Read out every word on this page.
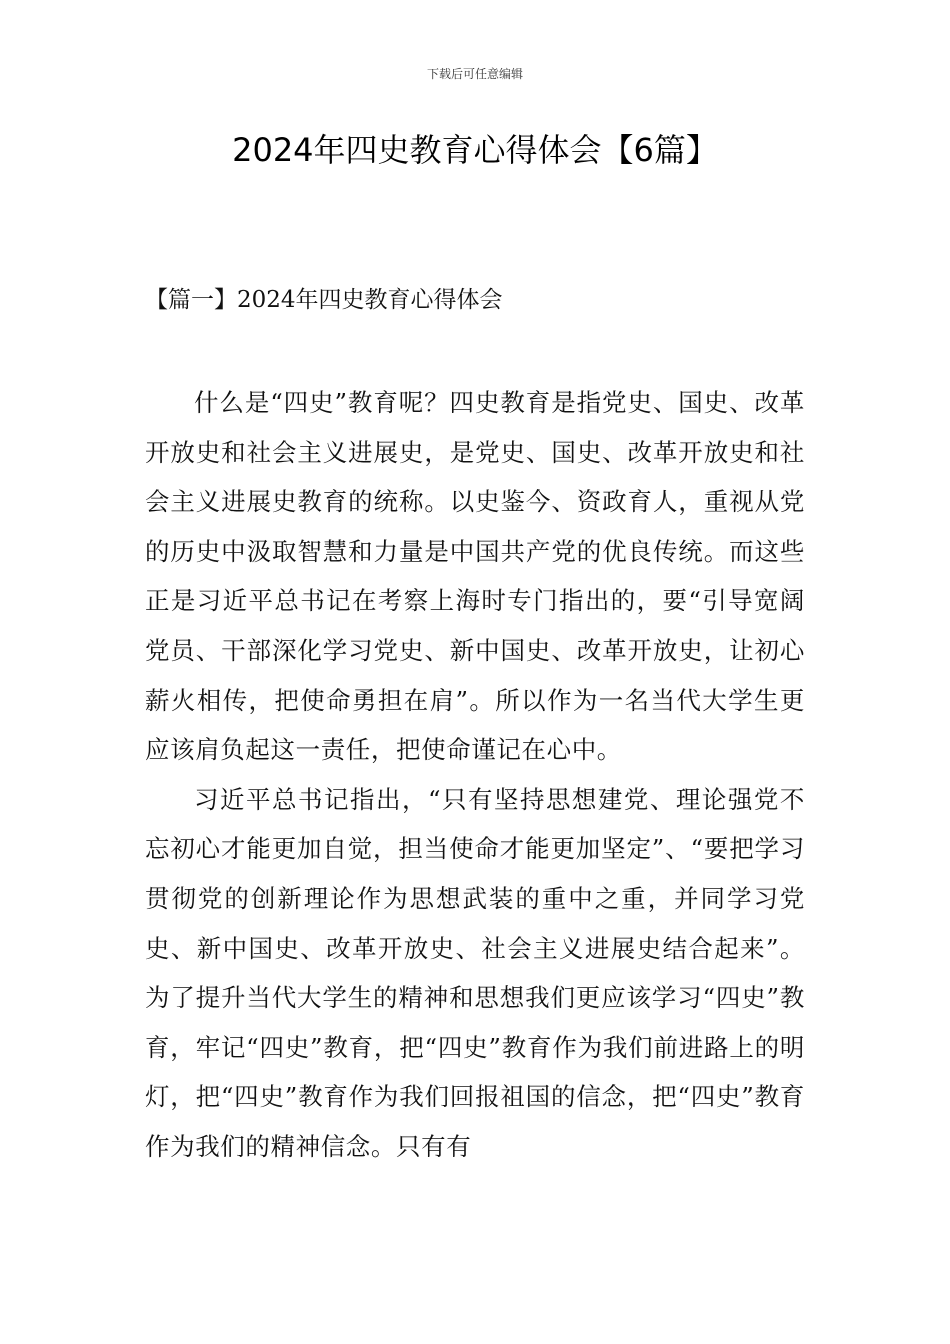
下载后可任意编辑
2024年四史教育心得体会【6篇】
【篇一】2024年四史教育心得体会

什么是“四史”教育呢？四史教育是指党史、国史、改革开放史和社会主义进展史，是党史、国史、改革开放史和社会主义进展史教育的统称。以史鉴今、资政育人，重视从党的历史中汲取智慧和力量是中国共产党的优良传统。而这些正是习近平总书记在考察上海时专门指出的，要“引导宽阔党员、干部深化学习党史、新中国史、改革开放史，让初心薪火相传，把使命勇担在肩”。所以作为一名当代大学生更应该肩负起这一责任，把使命谨记在心中。

习近平总书记指出，“只有坚持思想建党、理论强党不忘初心才能更加自觉，担当使命才能更加坚定”、“要把学习贯彻党的创新理论作为思想武装的重中之重，并同学习党史、新中国史、改革开放史、社会主义进展史结合起来”。为了提升当代大学生的精神和思想我们更应该学习“四史”教育，牢记“四史”教育，把“四史”教育作为我们前进路上的明灯，把“四史”教育作为我们回报祖国的信念，把“四史”教育作为我们的精神信念。只有有
